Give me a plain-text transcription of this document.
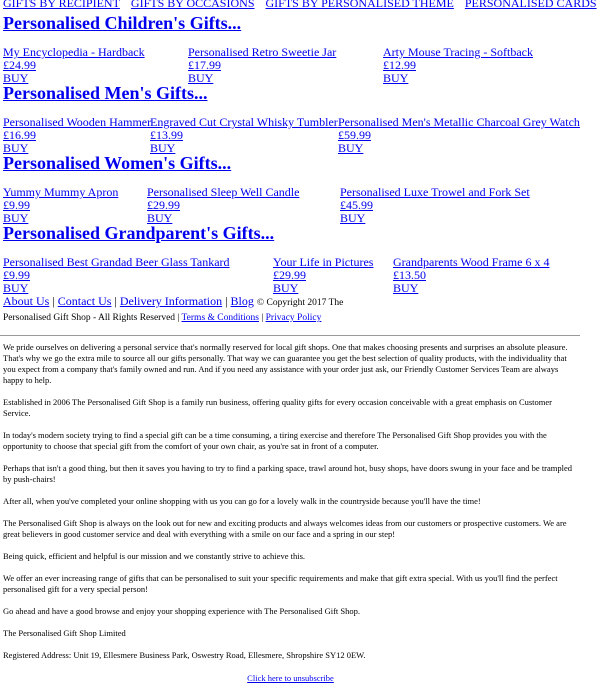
GIFTS BY RECIPIENT GIFTS BY OCCASIONS GIFTS BY PERSONALISED THEME PERSONALISED CARDS
Personalised Children's Gifts...
My Encyclopedia - Hardback
£24.99
BUY
Personalised Retro Sweetie Jar
£17.99
BUY
Arty Mouse Tracing - Softback
£12.99
BUY
Personalised Men's Gifts...
Personalised Wooden Hammer
£16.99
BUY
Engraved Cut Crystal Whisky Tumbler
£13.99
BUY
Personalised Men's Metallic Charcoal Grey Watch
£59.99
BUY
Personalised Women's Gifts...
Yummy Mummy Apron
£9.99
BUY
Personalised Sleep Well Candle
£29.99
BUY
Personalised Luxe Trowel and Fork Set
£45.99
BUY
Personalised Grandparent's Gifts...
Personalised Best Grandad Beer Glass Tankard
£9.99
BUY
Your Life in Pictures
£29.99
BUY
Grandparents Wood Frame 6 x 4
£13.50
BUY
About Us | Contact Us | Delivery Information | Blog © Copyright 2017 The Personalised Gift Shop - All Rights Reserved | Terms & Conditions | Privacy Policy

We pride ourselves on delivering a personal service that's normally reserved for local gift shops. One that makes choosing presents and surprises an absolute pleasure. That's why we go the extra mile to source all our gifts personally. That way we can guarantee you get the best selection of quality products, with the individuality that you expect from a company that's family owned and run. And if you need any assistance with your order just ask, our Friendly Customer Services Team are always happy to help.

Established in 2006 The Personalised Gift Shop is a family run business, offering quality gifts for every occasion conceivable with a great emphasis on Customer Service.

In today's modern society trying to find a special gift can be a time consuming, a tiring exercise and therefore The Personalised Gift Shop provides you with the opportunity to choose that special gift from the comfort of your own chair, as you're sat in front of a computer.

Perhaps that isn't a good thing, but then it saves you having to try to find a parking space, trawl around hot, busy shops, have doors swung in your face and be trampled by push-chairs!

After all, when you've completed your online shopping with us you can go for a lovely walk in the countryside because you'll have the time!

The Personalised Gift Shop is always on the look out for new and exciting products and always welcomes ideas from our customers or prospective customers. We are great believers in good customer service and deal with everything with a smile on our face and a spring in our step!

Being quick, efficient and helpful is our mission and we constantly strive to achieve this.

We offer an ever increasing range of gifts that can be personalised to suit your specific requirements and make that gift extra special. With us you'll find the perfect personalised gift for a very special person!

Go ahead and have a good browse and enjoy your shopping experience with The Personalised Gift Shop.

The Personalised Gift Shop Limited

Registered Address: Unit 19, Ellesmere Business Park, Oswestry Road, Ellesmere, Shropshire SY12 0EW.

Click here to unsubscribe
